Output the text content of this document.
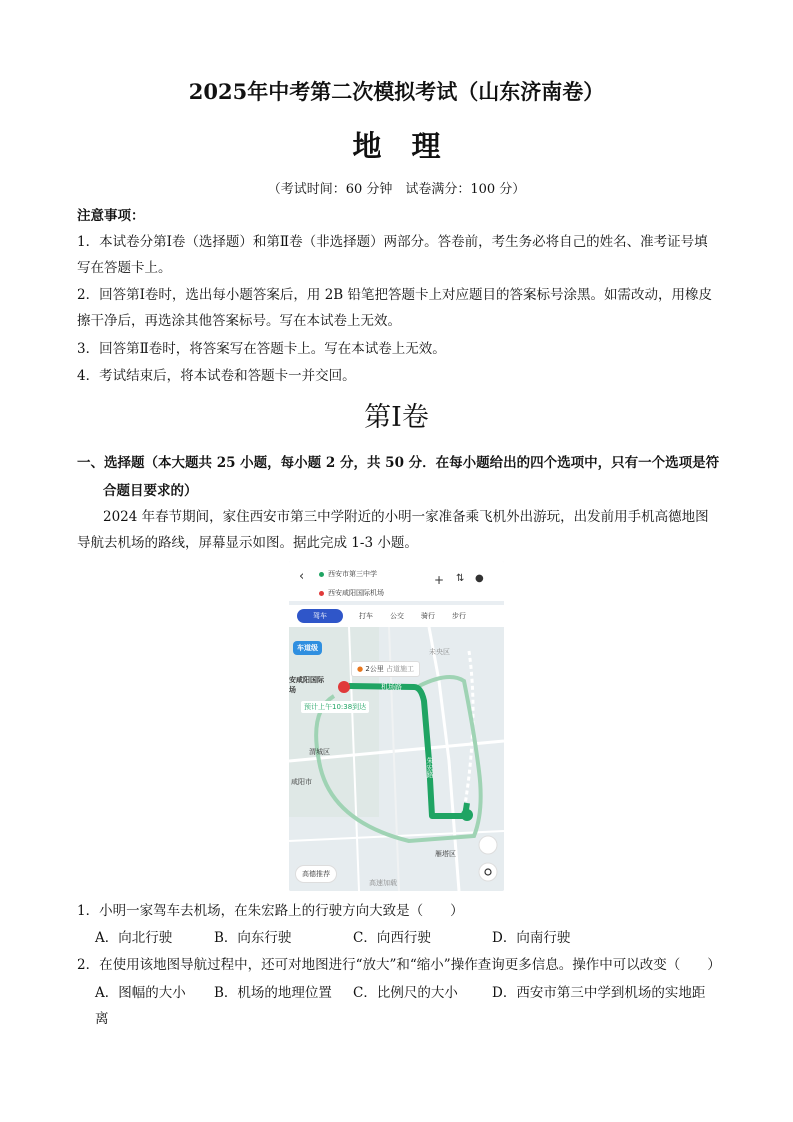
2025年中考第二次模拟考试（山东济南卷）
地理
（考试时间：60 分钟　试卷满分：100 分）
注意事项：
1．本试卷分第Ⅰ卷（选择题）和第Ⅱ卷（非选择题）两部分。答卷前，考生务必将自己的姓名、准考证号填写在答题卡上。
2．回答第Ⅰ卷时，选出每小题答案后，用 2B 铅笔把答题卡上对应题目的答案标号涂黑。如需改动，用橡皮擦干净后，再选涂其他答案标号。写在本试卷上无效。
3．回答第Ⅱ卷时，将答案写在答题卡上。写在本试卷上无效。
4．考试结束后，将本试卷和答题卡一并交回。
第Ⅰ卷
一、选择题（本大题共 25 小题，每小题 2 分，共 50 分．在每小题给出的四个选项中，只有一个选项是符
合题目要求的）
2024 年春节期间，家住西安市第三中学附近的小明一家准备乘飞机外出游玩，出发前用手机高德地图导航去机场的路线，屏幕显示如图。据此完成 1-3 小题。
‹	西安市第三中学
西安咸阳国际机场
+ ⇅ ●
驾车	打车 公交 骑行 步行
车道级
● 2公里 占道施工
安咸阳国际
场
预计上午10:38到达
机场路
朱宏路
渭城区
咸阳市
雁塔区
未央区
高德推荐
高速加载
1．小明一家驾车去机场，在朱宏路上的行驶方向大致是（　　）
A．向北行驶	B．向东行驶	C．向西行驶	D．向南行驶
2．在使用该地图导航过程中，还可对地图进行“放大”和“缩小”操作查询更多信息。操作中可以改变（　　）
A．图幅的大小 B．机场的地理位置 C．比例尺的大小	D．西安市第三中学到机场的实地距
离
